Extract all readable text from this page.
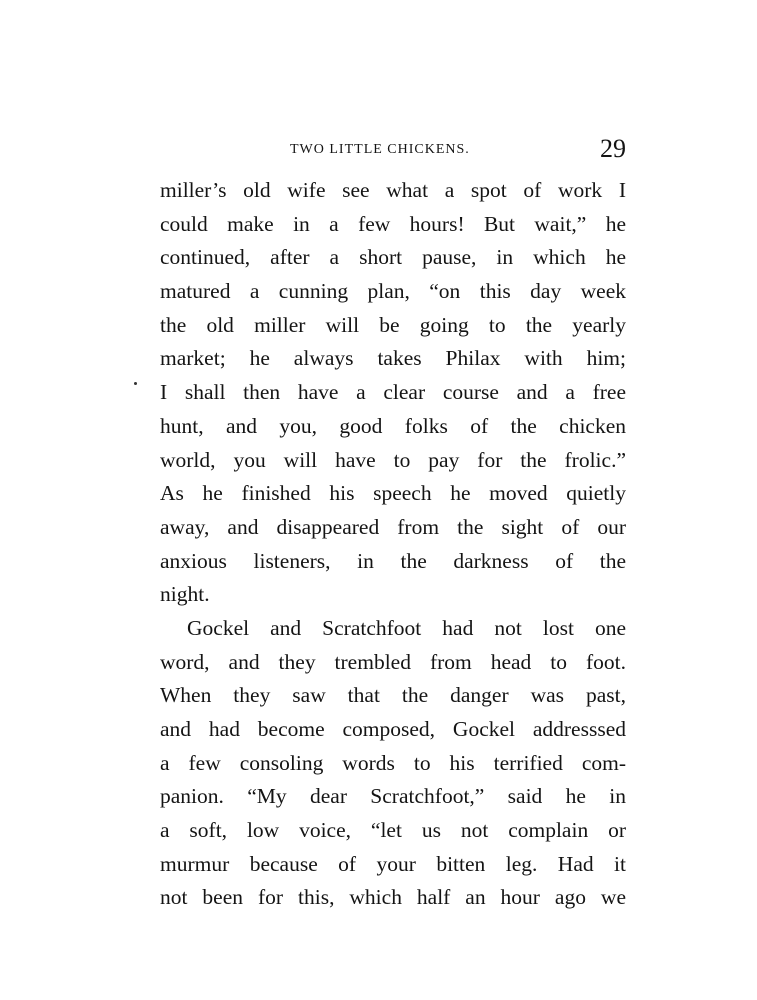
TWO LITTLE CHICKENS.	29
miller’s old wife see what a spot of work I
could make in a few hours! But wait,” he
continued, after a short pause, in which he
matured a cunning plan, “on this day week
the old miller will be going to the yearly
market; he always takes Philax with him;
I shall then have a clear course and a free
hunt, and you, good folks of the chicken
world, you will have to pay for the frolic.”
As he finished his speech he moved quietly
away, and disappeared from the sight of our
anxious listeners, in the darkness of the
night.
Gockel and Scratchfoot had not lost one
word, and they trembled from head to foot.
When they saw that the danger was past,
and had become composed, Gockel addresssed
a few consoling words to his terrified com-
panion. “My dear Scratchfoot,” said he in
a soft, low voice, “let us not complain or
murmur because of your bitten leg. Had it
not been for this, which half an hour ago we
